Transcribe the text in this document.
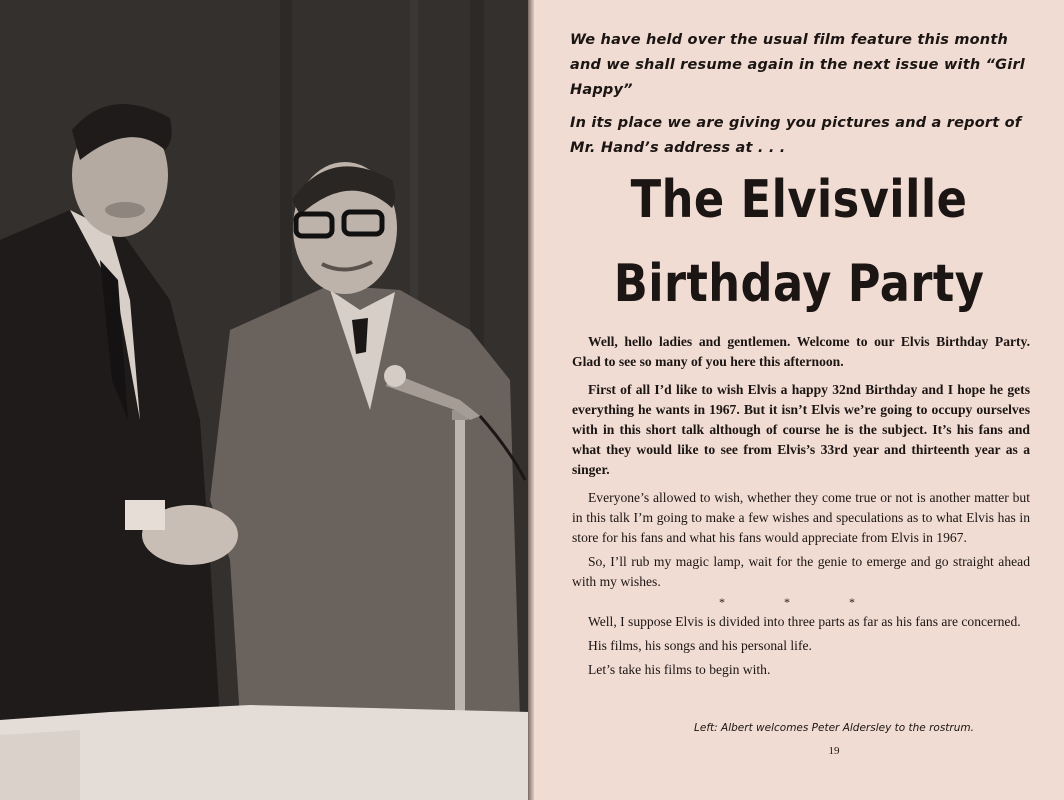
We have held over the usual film feature this month and we shall resume again in the next issue with “Girl Happy”

In its place we are giving you pictures and a report of Mr. Hand’s address at . . .

The Elvisville
Birthday Party

Well, hello ladies and gentlemen. Welcome to our Elvis Birthday Party. Glad to see so many of you here this afternoon.

First of all I’d like to wish Elvis a happy 32nd Birthday and I hope he gets everything he wants in 1967. But it isn’t Elvis we’re going to occupy ourselves with in this short talk although of course he is the subject. It’s his fans and what they would like to see from Elvis’s 33rd year and thirteenth year as a singer.

Everyone’s allowed to wish, whether they come true or not is another matter but in this talk I’m going to make a few wishes and speculations as to what Elvis has in store for his fans and what his fans would appreciate from Elvis in 1967.

So, I’ll rub my magic lamp, wait for the genie to emerge and go straight ahead with my wishes.

* * *

Well, I suppose Elvis is divided into three parts as far as his fans are concerned.

His films, his songs and his personal life.

Let’s take his films to begin with.

Left: Albert welcomes Peter Aldersley to the rostrum.
19
